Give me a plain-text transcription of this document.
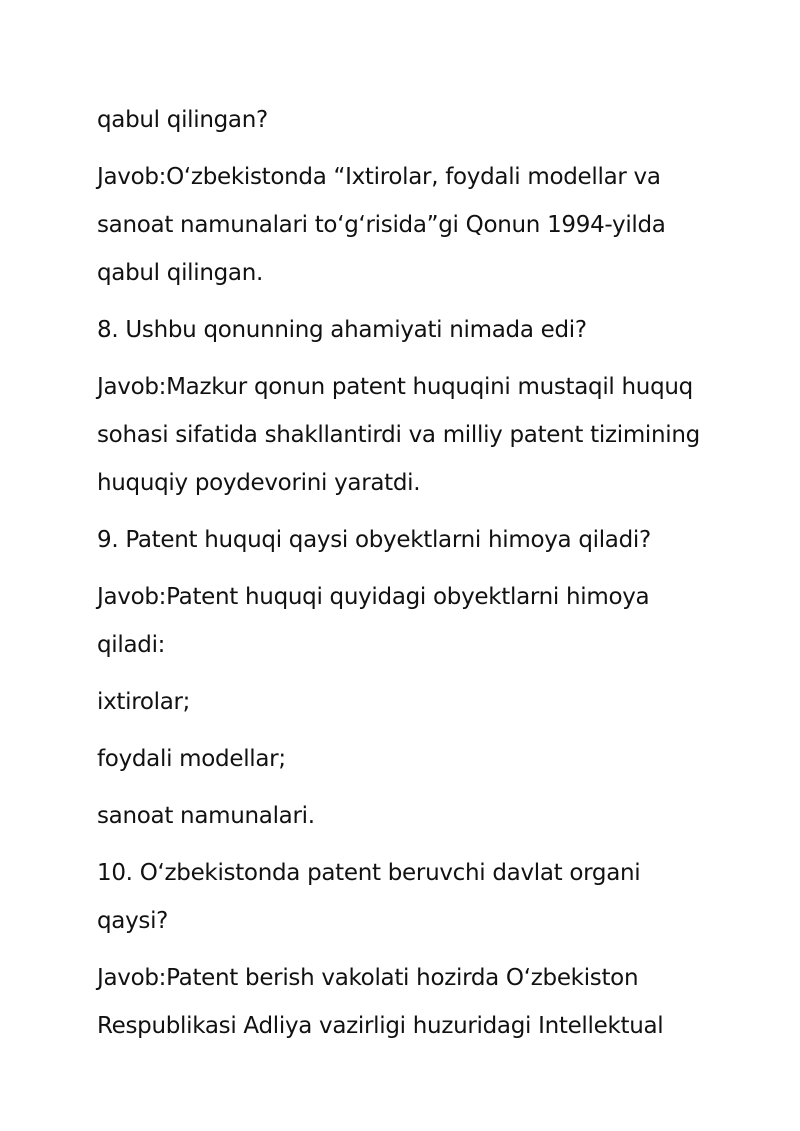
qabul qilingan?

Javob:O‘zbekistonda “Ixtirolar, foydali modellar va sanoat namunalari to‘g‘risida”gi Qonun 1994-yilda qabul qilingan.

8. Ushbu qonunning ahamiyati nimada edi?

Javob:Mazkur qonun patent huquqini mustaqil huquq sohasi sifatida shakllantirdi va milliy patent tizimining huquqiy poydevorini yaratdi.

9. Patent huquqi qaysi obyektlarni himoya qiladi?

Javob:Patent huquqi quyidagi obyektlarni himoya qiladi:

ixtirolar;

foydali modellar;

sanoat namunalari.

10. O‘zbekistonda patent beruvchi davlat organi qaysi?

Javob:Patent berish vakolati hozirda O‘zbekiston Respublikasi Adliya vazirligi huzuridagi Intellektual
